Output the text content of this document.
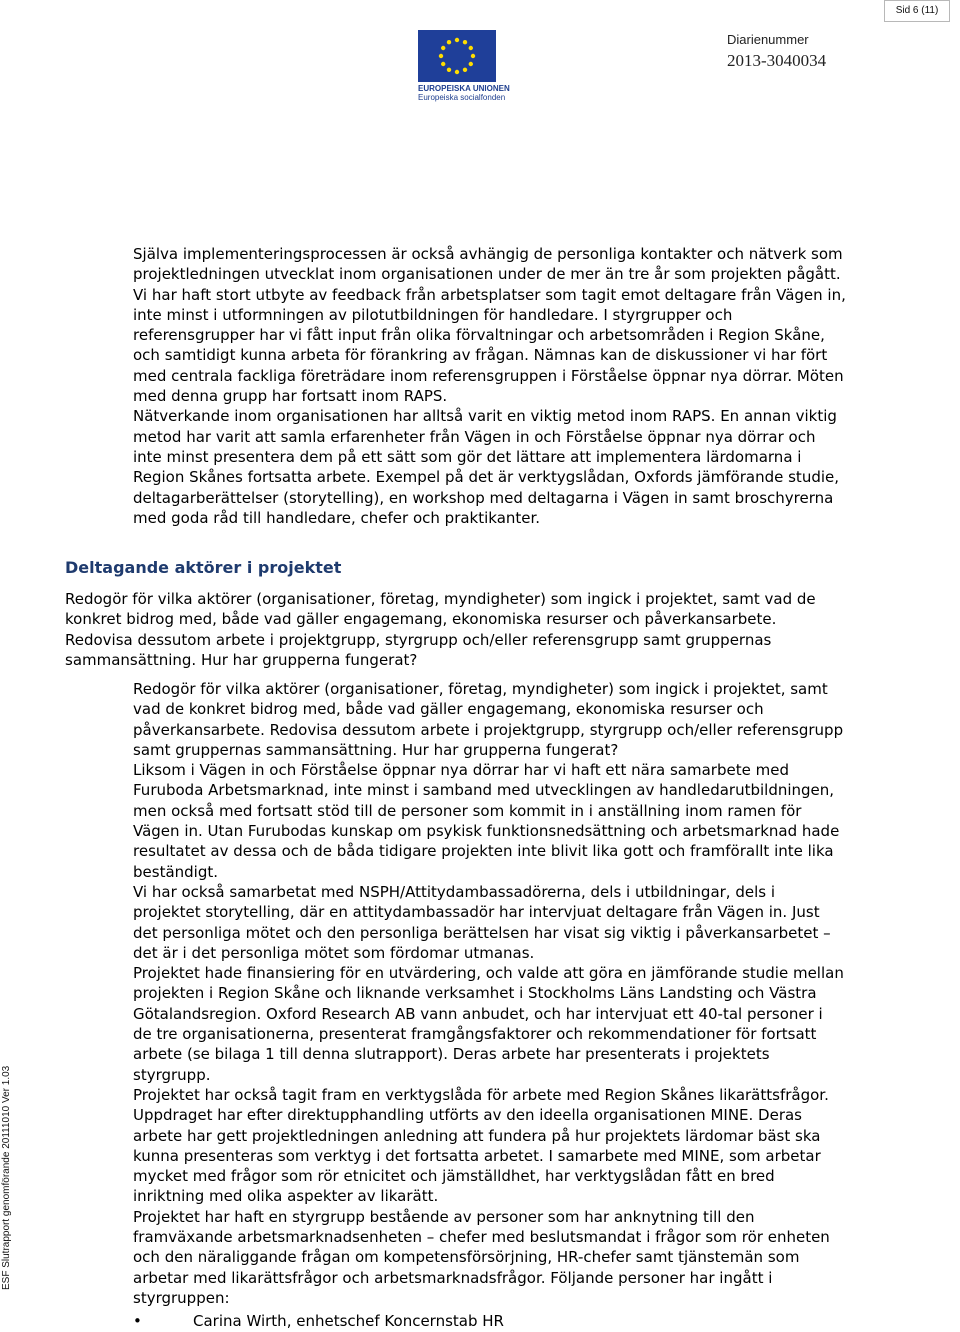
Sid 6 (11)
EUROPEISKA UNIONEN
Europeiska socialfonden
Diarienummer
2013-3040034
ESF Slutrapport genomförande 20111010 Ver 1.03

Själva implementeringsprocessen är också avhängig de personliga kontakter och nätverk som
projektledningen utvecklat inom organisationen under de mer än tre år som projekten pågått.
Vi har haft stort utbyte av feedback från arbetsplatser som tagit emot deltagare från Vägen in,
inte minst i utformningen av pilotutbildningen för handledare. I styrgrupper och
referensgrupper har vi fått input från olika förvaltningar och arbetsområden i Region Skåne,
och samtidigt kunna arbeta för förankring av frågan. Nämnas kan de diskussioner vi har fört
med centrala fackliga företrädare inom referensgruppen i Förståelse öppnar nya dörrar. Möten
med denna grupp har fortsatt inom RAPS.
Nätverkande inom organisationen har alltså varit en viktig metod inom RAPS. En annan viktig
metod har varit att samla erfarenheter från Vägen in och Förståelse öppnar nya dörrar och
inte minst presentera dem på ett sätt som gör det lättare att implementera lärdomarna i
Region Skånes fortsatta arbete. Exempel på det är verktygslådan, Oxfords jämförande studie,
deltagarberättelser (storytelling), en workshop med deltagarna i Vägen in samt broschyrerna
med goda råd till handledare, chefer och praktikanter.

Deltagande aktörer i projektet

Redogör för vilka aktörer (organisationer, företag, myndigheter) som ingick i projektet, samt vad de
konkret bidrog med, både vad gäller engagemang, ekonomiska resurser och påverkansarbete.
Redovisa dessutom arbete i projektgrupp, styrgrupp och/eller referensgrupp samt gruppernas
sammansättning. Hur har grupperna fungerat?

Redogör för vilka aktörer (organisationer, företag, myndigheter) som ingick i projektet, samt
vad de konkret bidrog med, både vad gäller engagemang, ekonomiska resurser och
påverkansarbete. Redovisa dessutom arbete i projektgrupp, styrgrupp och/eller referensgrupp
samt gruppernas sammansättning. Hur har grupperna fungerat?
Liksom i Vägen in och Förståelse öppnar nya dörrar har vi haft ett nära samarbete med
Furuboda Arbetsmarknad, inte minst i samband med utvecklingen av handledarutbildningen,
men också med fortsatt stöd till de personer som kommit in i anställning inom ramen för
Vägen in. Utan Furubodas kunskap om psykisk funktionsnedsättning och arbetsmarknad hade
resultatet av dessa och de båda tidigare projekten inte blivit lika gott och framförallt inte lika
beständigt.
Vi har också samarbetat med NSPH/Attitydambassadörerna, dels i utbildningar, dels i
projektet storytelling, där en attitydambassadör har intervjuat deltagare från Vägen in. Just
det personliga mötet och den personliga berättelsen har visat sig viktig i påverkansarbetet –
det är i det personliga mötet som fördomar utmanas.
Projektet hade finansiering för en utvärdering, och valde att göra en jämförande studie mellan
projekten i Region Skåne och liknande verksamhet i Stockholms Läns Landsting och Västra
Götalandsregion. Oxford Research AB vann anbudet, och har intervjuat ett 40-tal personer i
de tre organisationerna, presenterat framgångsfaktorer och rekommendationer för fortsatt
arbete (se bilaga 1 till denna slutrapport). Deras arbete har presenterats i projektets
styrgrupp.
Projektet har också tagit fram en verktygslåda för arbete med Region Skånes likarättsfrågor.
Uppdraget har efter direktupphandling utförts av den ideella organisationen MINE. Deras
arbete har gett projektledningen anledning att fundera på hur projektets lärdomar bäst ska
kunna presenteras som verktyg i det fortsatta arbetet. I samarbete med MINE, som arbetar
mycket med frågor som rör etnicitet och jämställdhet, har verktygslådan fått en bred
inriktning med olika aspekter av likarätt.
Projektet har haft en styrgrupp bestående av personer som har anknytning till den
framväxande arbetsmarknadsenheten – chefer med beslutsmandat i frågor som rör enheten
och den näraliggande frågan om kompetensförsörjning, HR-chefer samt tjänstemän som
arbetar med likarättsfrågor och arbetsmarknadsfrågor. Följande personer har ingått i
styrgruppen:

•	Carina Wirth, enhetschef Koncernstab HR
